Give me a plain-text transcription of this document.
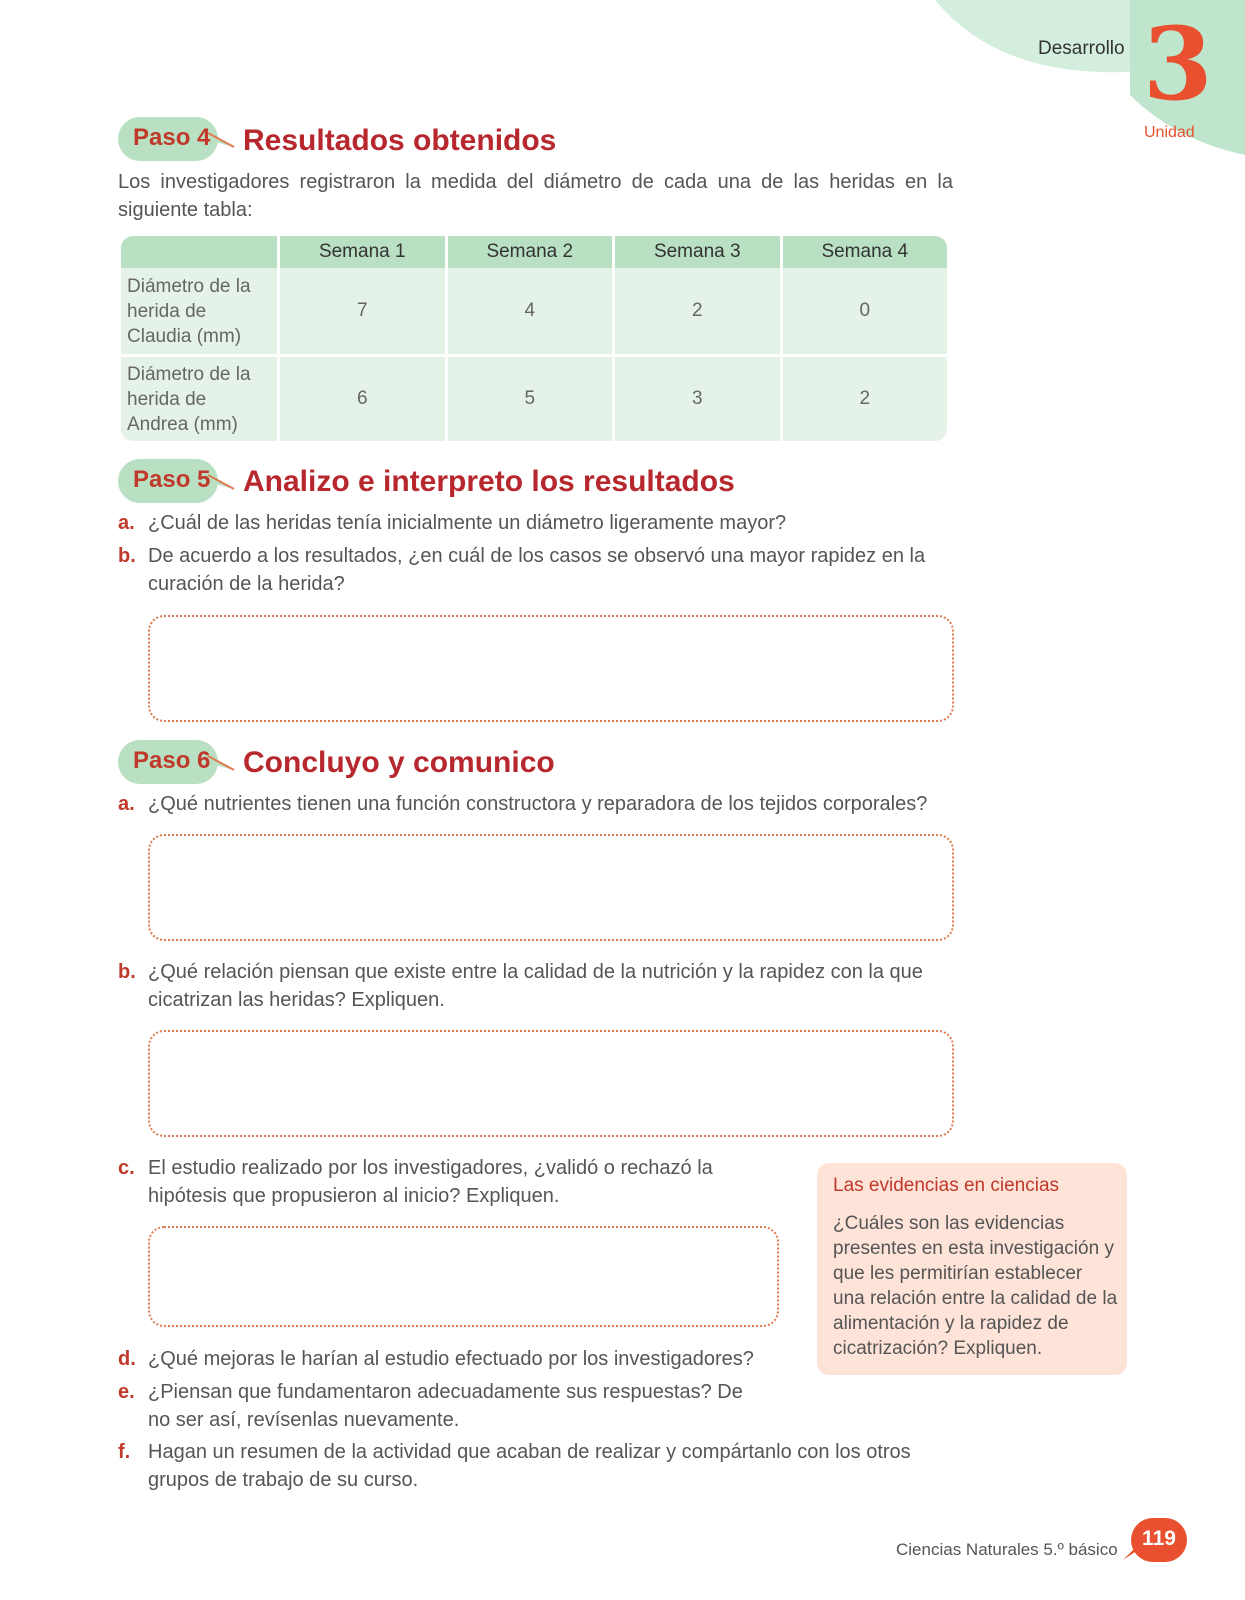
Desarrollo 3
Unidad
Paso 4 Resultados obtenidos
Los investigadores registraron la medida del diámetro de cada una de las heridas en la siguiente tabla:
	Semana 1	Semana 2	Semana 3	Semana 4
Diámetro de la herida de Claudia (mm)	7	4	2	0
Diámetro de la herida de Andrea (mm)	6	5	3	2
Paso 5 Analizo e interpreto los resultados
a. ¿Cuál de las heridas tenía inicialmente un diámetro ligeramente mayor?
b. De acuerdo a los resultados, ¿en cuál de los casos se observó una mayor rapidez en la curación de la herida?
Paso 6 Concluyo y comunico
a. ¿Qué nutrientes tienen una función constructora y reparadora de los tejidos corporales?
b. ¿Qué relación piensan que existe entre la calidad de la nutrición y la rapidez con la que cicatrizan las heridas? Expliquen.
c. El estudio realizado por los investigadores, ¿validó o rechazó la hipótesis que propusieron al inicio? Expliquen.
d. ¿Qué mejoras le harían al estudio efectuado por los investigadores?
e. ¿Piensan que fundamentaron adecuadamente sus respuestas? De no ser así, revísenlas nuevamente.
f. Hagan un resumen de la actividad que acaban de realizar y compártanlo con los otros grupos de trabajo de su curso.
Las evidencias en ciencias
¿Cuáles son las evidencias presentes en esta investigación y que les permitirían establecer una relación entre la calidad de la alimentación y la rapidez de cicatrización? Expliquen.
Ciencias Naturales 5.º básico	119
